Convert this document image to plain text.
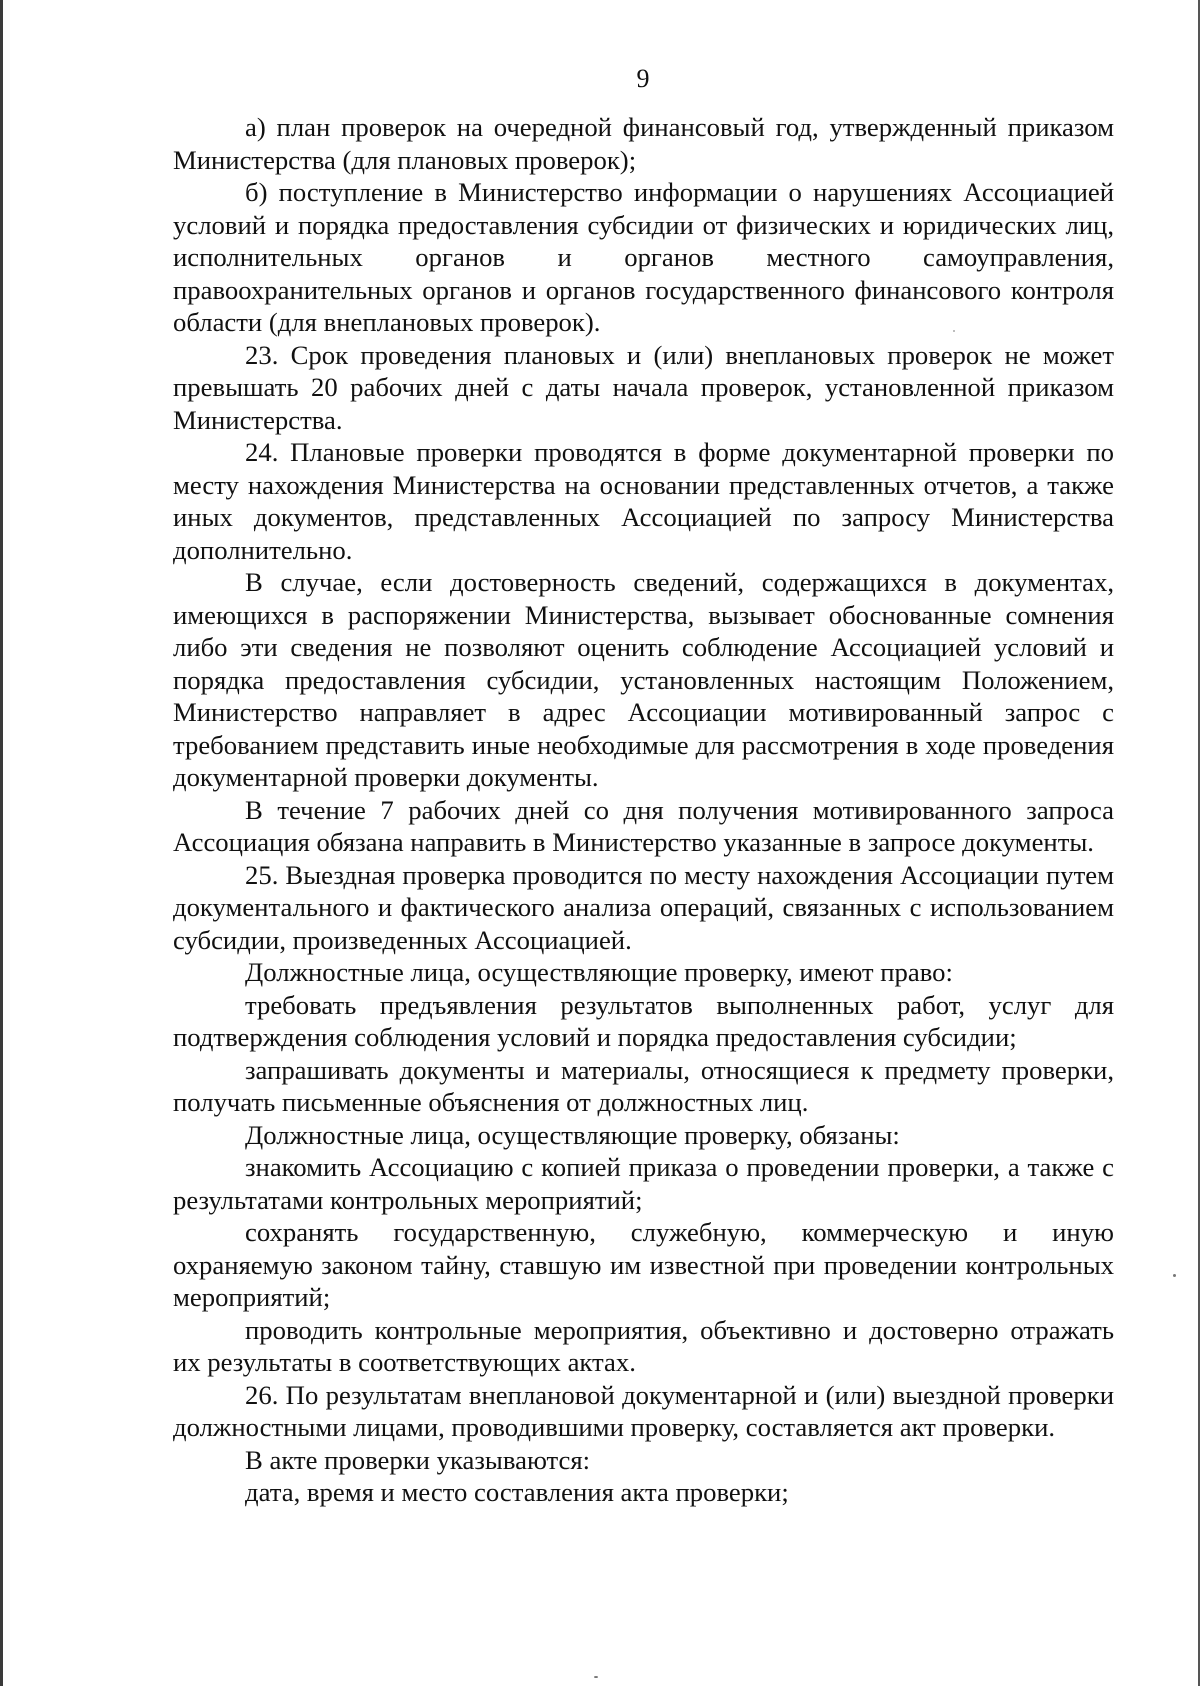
9

а) план проверок на очередной финансовый год, утвержденный приказом Министерства (для плановых проверок);

б) поступление в Министерство информации о нарушениях Ассоциацией условий и порядка предоставления субсидии от физических и юридических лиц, исполнительных органов и органов местного самоуправления, правоохранительных органов и органов государственного финансового контроля области (для внеплановых проверок).

23. Срок проведения плановых и (или) внеплановых проверок не может превышать 20 рабочих дней с даты начала проверок, установленной приказом Министерства.

24. Плановые проверки проводятся в форме документарной проверки по месту нахождения Министерства на основании представленных отчетов, а также иных документов, представленных Ассоциацией по запросу Министерства дополнительно.

В случае, если достоверность сведений, содержащихся в документах, имеющихся в распоряжении Министерства, вызывает обоснованные сомнения либо эти сведения не позволяют оценить соблюдение Ассоциацией условий и порядка предоставления субсидии, установленных настоящим Положением, Министерство направляет в адрес Ассоциации мотивированный запрос с требованием представить иные необходимые для рассмотрения в ходе проведения документарной проверки документы.

В течение 7 рабочих дней со дня получения мотивированного запроса Ассоциация обязана направить в Министерство указанные в запросе документы.

25. Выездная проверка проводится по месту нахождения Ассоциации путем документального и фактического анализа операций, связанных с использованием субсидии, произведенных Ассоциацией.

Должностные лица, осуществляющие проверку, имеют право:

требовать предъявления результатов выполненных работ, услуг для подтверждения соблюдения условий и порядка предоставления субсидии;

запрашивать документы и материалы, относящиеся к предмету проверки, получать письменные объяснения от должностных лиц.

Должностные лица, осуществляющие проверку, обязаны:

знакомить Ассоциацию с копией приказа о проведении проверки, а также с результатами контрольных мероприятий;

сохранять государственную, служебную, коммерческую и иную охраняемую законом тайну, ставшую им известной при проведении контрольных мероприятий;

проводить контрольные мероприятия, объективно и достоверно отражать их результаты в соответствующих актах.

26. По результатам внеплановой документарной и (или) выездной проверки должностными лицами, проводившими проверку, составляется акт проверки.

В акте проверки указываются:

дата, время и место составления акта проверки;
